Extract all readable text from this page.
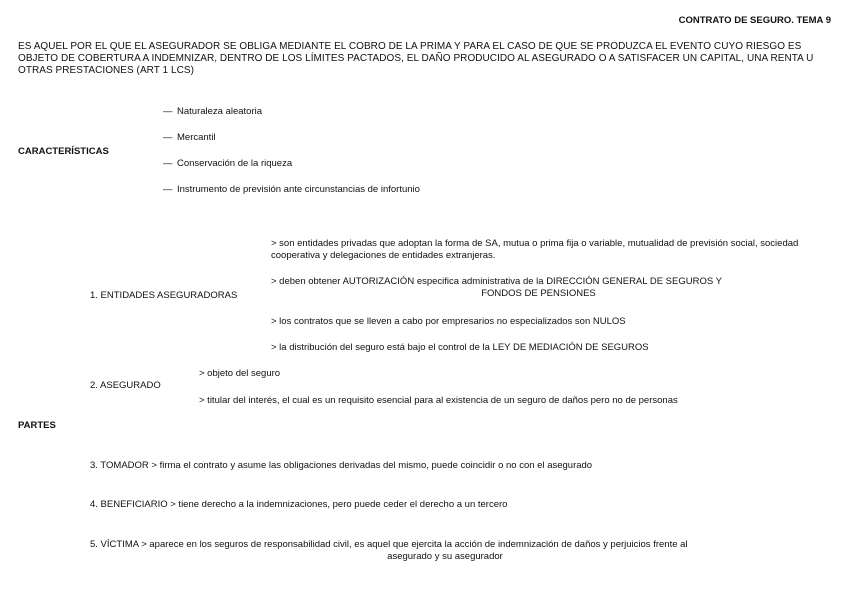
CONTRATO DE SEGURO. TEMA 9
ES AQUEL POR EL QUE EL ASEGURADOR SE OBLIGA MEDIANTE EL COBRO DE LA PRIMA Y PARA EL CASO DE QUE SE PRODUZCA EL EVENTO CUYO RIESGO ES OBJETO DE COBERTURA A INDEMNIZAR, DENTRO DE LOS LÍMITES PACTADOS, EL DAÑO PRODUCIDO AL ASEGURADO O A SATISFACER UN CAPITAL, UNA RENTA U OTRAS PRESTACIONES (ART 1 LCS)
CARACTERÍSTICAS
— Naturaleza aleatoria
— Mercantil
— Conservación de la riqueza
— Instrumento de previsión ante circunstancias de infortunio
1. ENTIDADES ASEGURADORAS
> son entidades privadas que adoptan la forma de SA, mutua o prima fija o variable, mutualidad de previsión social, sociedad cooperativa y delegaciones de entidades extranjeras.
> deben obtener AUTORIZACIÓN especifica administrativa de la DIRECCIÓN GENERAL DE SEGUROS Y
FONDOS DE PENSIONES
> los contratos que se lleven a cabo por empresarios no especializados son NULOS
> la distribución del seguro está bajo el control de la LEY DE MEDIACIÓN DE SEGUROS
2. ASEGURADO
> objeto del seguro
> titular del interés, el cual es un requisito esencial para al existencia de un seguro de daños pero no de personas
PARTES
3. TOMADOR > firma el contrato y asume las obligaciones derivadas del mismo, puede coincidir o no con el asegurado
4. BENEFICIARIO > tiene derecho a la indemnizaciones, pero puede ceder el derecho a un tercero
5. VÍCTIMA > aparece en los seguros de responsabilidad civil, es aquel que ejercita la acción de indemnización de daños y perjuicios frente al
asegurado y su asegurador
